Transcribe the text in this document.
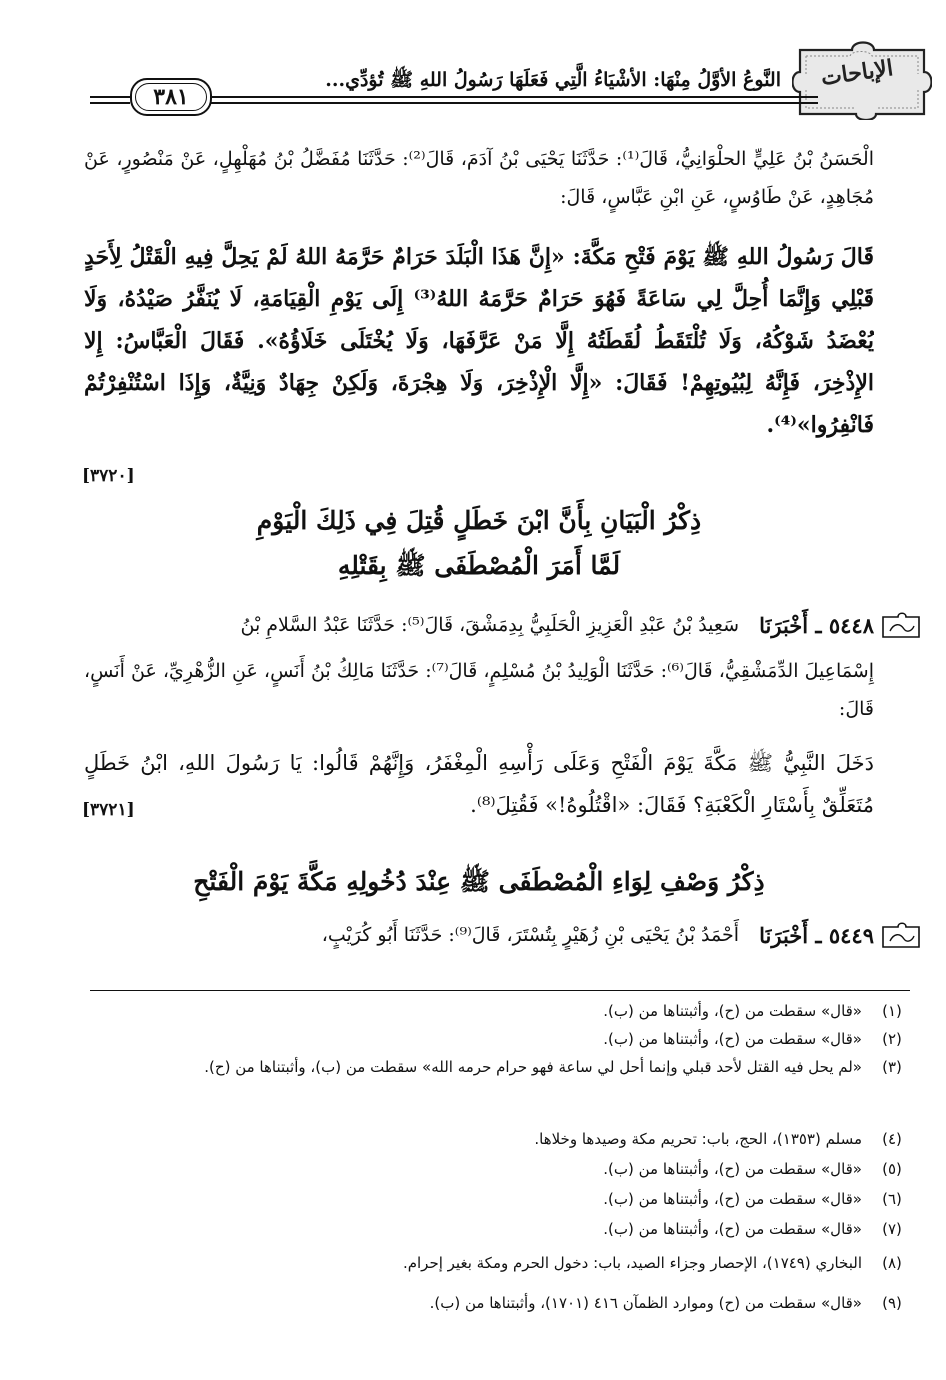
الإباحات
النَّوعُ الأوَّلُ مِنْهَا: الأشْيَاءُ الَّتِي فَعَلَهَا رَسُولُ اللهِ ﷺ تُؤدِّي...
٣٨١
الْحَسَنُ بْنُ عَلِيٍّ الحلْوَانِيُّ، قَالَ⁽¹⁾: حَدَّثَنَا يَحْيَى بْنُ آدَمَ، قَالَ⁽²⁾: حَدَّثَنَا مُفَضَّلُ بْنُ مُهَلْهِلٍ، عَنْ مَنْصُورٍ، عَنْ مُجَاهِدٍ، عَنْ طَاوُسٍ، عَنِ ابْنِ عَبَّاسٍ، قَالَ:
قَالَ رَسُولُ اللهِ ﷺ يَوْمَ فَتْحِ مَكَّةَ: «إِنَّ هَذَا الْبَلَدَ حَرَامٌ حَرَّمَهُ اللهُ لَمْ يَحِلَّ فِيهِ الْقَتْلُ لِأَحَدٍ قَبْلِي وَإِنَّمَا أُحِلَّ لِي سَاعَةً فَهُوَ حَرَامٌ حَرَّمَهُ اللهُ⁽³⁾ إِلَى يَوْمِ الْقِيَامَةِ، لَا يُنَفَّرُ صَيْدُهُ، وَلَا يُعْضَدُ شَوْكُهُ، وَلَا تُلْتَقَطُ لُقَطَتُهُ إِلَّا مَنْ عَرَّفَهَا، وَلَا يُخْتَلَى خَلَاؤُهُ». فَقَالَ الْعَبَّاسُ: إِلا الإِذْخِرَ، فَإِنَّهُ لِبُيُوتِهِمْ! فَقَالَ: «إِلَّا الْإِذْخِرَ، وَلَا هِجْرَةَ، وَلَكِنْ جِهَادٌ وَنِيَّةٌ، وَإِذَا اسْتُنْفِرْتُمْ فَانْفِرُوا»⁽⁴⁾.
[٣٧٢٠]
ذِكْرُ الْبَيَانِ بِأَنَّ ابْنَ خَطَلٍ قُتِلَ فِي ذَلِكَ الْيَوْمِ
لَمَّا أَمَرَ الْمُصْطَفَى ﷺ بِقَتْلِهِ
٥٤٤٨ ـ أَخْبَرَنَا
سَعِيدُ بْنُ عَبْدِ الْعَزِيزِ الْحَلَبِيُّ بِدِمَشْقَ، قَالَ⁽⁵⁾: حَدَّثَنَا عَبْدُ السَّلامِ بْنُ
إِسْمَاعِيلَ الدِّمَشْقِيُّ، قَالَ⁽⁶⁾: حَدَّثَنَا الْوَلِيدُ بْنُ مُسْلِمٍ، قَالَ⁽⁷⁾: حَدَّثَنَا مَالِكُ بْنُ أَنَسٍ، عَنِ الزُّهْرِيِّ، عَنْ أَنَسٍ، قَالَ:
دَخَلَ النَّبِيُّ ﷺ مَكَّةَ يَوْمَ الْفَتْحِ وَعَلَى رَأْسِهِ الْمِغْفَرُ، وَإِنَّهُمْ قَالُوا: يَا رَسُولَ اللهِ، ابْنُ خَطَلٍ مُتَعَلِّقٌ بِأَسْتَارِ الْكَعْبَةِ؟ فَقَالَ: «اقْتُلُوهُ!» فَقُتِلَ⁽⁸⁾.
[٣٧٢١]
ذِكْرُ وَصْفِ لِوَاءِ الْمُصْطَفَى ﷺ عِنْدَ دُخُولِهِ مَكَّةَ يَوْمَ الْفَتْحِ
٥٤٤٩ ـ أَخْبَرَنَا
أَحْمَدُ بْنُ يَحْيَى بْنِ زُهَيْرٍ بِتُسْتَرَ، قَالَ⁽⁹⁾: حَدَّثَنَا أَبُو كُرَيْبٍ،
(١)
«قال» سقطت من (ح)، وأثبتناها من (ب).
(٢)
«قال» سقطت من (ح)، وأثبتناها من (ب).
(٣)
«لم يحل فيه القتل لأحد قبلي وإنما أحل لي ساعة فهو حرام حرمه الله» سقطت من (ب)، وأثبتناها من (ح).
(٤)
مسلم (١٣٥٣)، الحج، باب: تحريم مكة وصيدها وخلاها.
(٥)
«قال» سقطت من (ح)، وأثبتناها من (ب).
(٦)
«قال» سقطت من (ح)، وأثبتناها من (ب).
(٧)
«قال» سقطت من (ح)، وأثبتناها من (ب).
(٨)
البخاري (١٧٤٩)، الإحصار وجزاء الصيد، باب: دخول الحرم ومكة بغير إحرام.
(٩)
«قال» سقطت من (ح) وموارد الظمآن ٤١٦ (١٧٠١)، وأثبتناها من (ب).
